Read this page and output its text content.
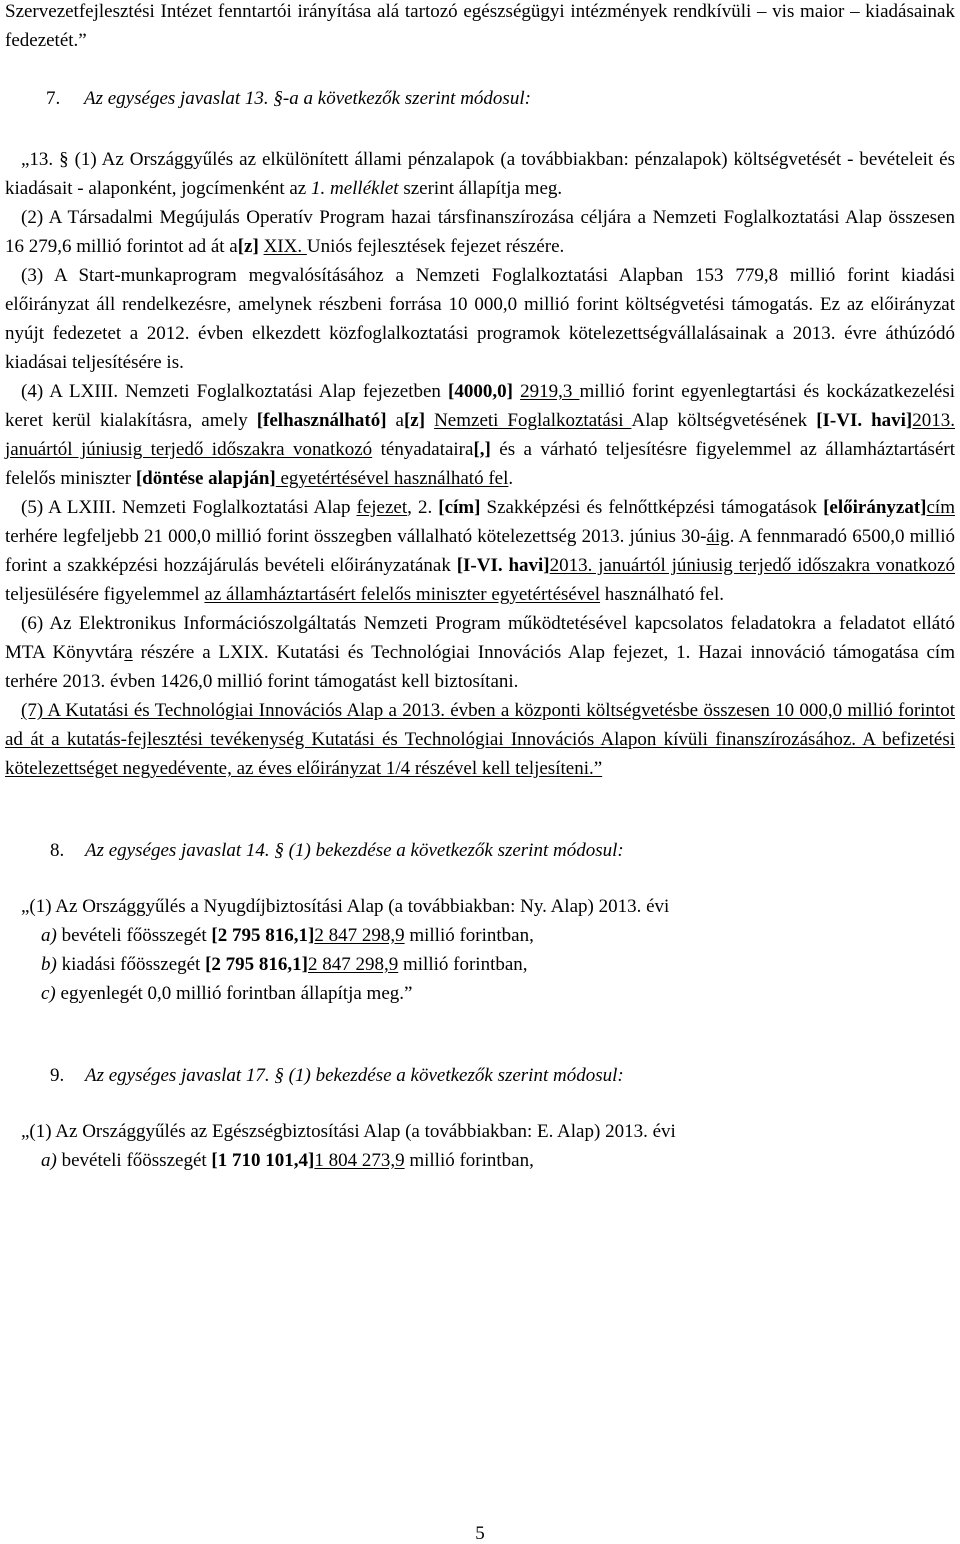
Szervezetfejlesztési Intézet fenntartói irányítása alá tartozó egészségügyi intézmények rendkívüli – vis maior – kiadásainak fedezetét.”

7. Az egységes javaslat 13. §-a a következők szerint módosul:

„13. § (1) Az Országgyűlés az elkülönített állami pénzalapok (a továbbiakban: pénzalapok) költségvetését - bevételeit és kiadásait - alaponként, jogcímenként az 1. melléklet szerint állapítja meg.

(2) A Társadalmi Megújulás Operatív Program hazai társfinanszírozása céljára a Nemzeti Foglalkoztatási Alap összesen 16 279,6 millió forintot ad át a[z] XIX. Uniós fejlesztések fejezet részére.

(3) A Start-munkaprogram megvalósításához a Nemzeti Foglalkoztatási Alapban 153 779,8 millió forint kiadási előirányzat áll rendelkezésre, amelynek részbeni forrása 10 000,0 millió forint költségvetési támogatás. Ez az előirányzat nyújt fedezetet a 2012. évben elkezdett közfoglalkoztatási programok kötelezettségvállalásainak a 2013. évre áthúzódó kiadásai teljesítésére is.

(4) A LXIII. Nemzeti Foglalkoztatási Alap fejezetben [4000,0] 2919,3 millió forint egyenlegtartási és kockázatkezelési keret kerül kialakításra, amely [felhasználható] a[z] Nemzeti Foglalkoztatási Alap költségvetésének [I-VI. havi]2013. januártól júniusig terjedő időszakra vonatkozó tényadataira[,] és a várható teljesítésre figyelemmel az államháztartásért felelős miniszter [döntése alapján] egyetértésével használható fel.

(5) A LXIII. Nemzeti Foglalkoztatási Alap fejezet, 2. [cím] Szakképzési és felnőttképzési támogatások [előirányzat]cím terhére legfeljebb 21 000,0 millió forint összegben vállalható kötelezettség 2013. június 30-áig. A fennmaradó 6500,0 millió forint a szakképzési hozzájárulás bevételi előirányzatának [I-VI. havi]2013. januártól júniusig terjedő időszakra vonatkozó teljesülésére figyelemmel az államháztartásért felelős miniszter egyetértésével használható fel.

(6) Az Elektronikus Információszolgáltatás Nemzeti Program működtetésével kapcsolatos feladatokra a feladatot ellátó MTA Könyvtára részére a LXIX. Kutatási és Technológiai Innovációs Alap fejezet, 1. Hazai innováció támogatása cím terhére 2013. évben 1426,0 millió forint támogatást kell biztosítani.

(7) A Kutatási és Technológiai Innovációs Alap a 2013. évben a központi költségvetésbe összesen 10 000,0 millió forintot ad át a kutatás-fejlesztési tevékenység Kutatási és Technológiai Innovációs Alapon kívüli finanszírozásához. A befizetési kötelezettséget negyedévente, az éves előirányzat 1/4 részével kell teljesíteni.”

8. Az egységes javaslat 14. § (1) bekezdése a következők szerint módosul:

„(1) Az Országgyűlés a Nyugdíjbiztosítási Alap (a továbbiakban: Ny. Alap) 2013. évi

a) bevételi főösszegét [2 795 816,1]2 847 298,9 millió forintban,

b) kiadási főösszegét [2 795 816,1]2 847 298,9 millió forintban,

c) egyenlegét 0,0 millió forintban állapítja meg.”

9. Az egységes javaslat 17. § (1) bekezdése a következők szerint módosul:

„(1) Az Országgyűlés az Egészségbiztosítási Alap (a továbbiakban: E. Alap) 2013. évi

a) bevételi főösszegét [1 710 101,4]1 804 273,9 millió forintban,

5
